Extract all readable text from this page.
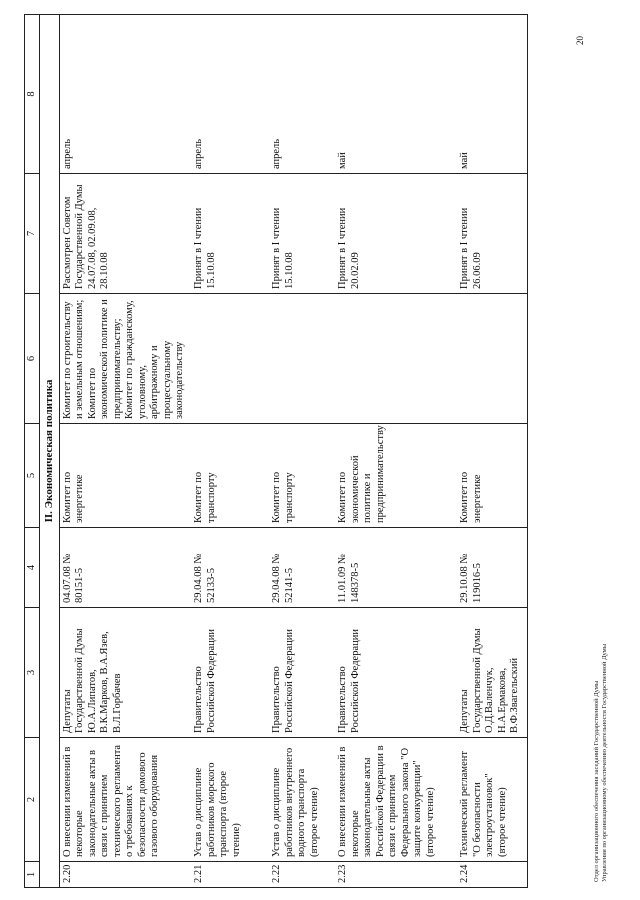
1	2	3	4	5	6	7	8
II. Экономическая политика							
2.20	О внесении изменений в некоторые законодательные акты в связи с принятием технического регламента о требованиях к безопасности домового газового оборудования	Депутаты Государственной Думы Ю.А.Липатов, В.К.Марков, В.А.Язев, В.Л.Горбачев	04.07.08 № 80151-5	Комитет по энергетике	Комитет по строительству и земельным отношениям; Комитет по экономической политике и предпринимательству; Комитет по гражданскому, уголовному, арбитражному и процессуальному законодательству	Рассмотрен Советом Государственной Думы 24.07.08, 02.09.08, 28.10.08	апрель
2.21	Устав о дисциплине работников морского транспорта (второе чтение)	Правительство Российской Федерации	29.04.08 № 52133-5	Комитет по транспорту		Принят в I чтении 15.10.08	апрель
2.22	Устав о дисциплине работников внутреннего водного транспорта (второе чтение)	Правительство Российской Федерации	29.04.08 № 52141-5	Комитет по транспорту		Принят в I чтении 15.10.08	апрель
2.23	О внесении изменений в некоторые законодательные акты Российской Федерации в связи с принятием Федерального закона "О защите конкуренции" (второе чтение)	Правительство Российской Федерации	11.01.09 № 148378-5	Комитет по экономической политике и предпринимательству		Принят в I чтении 20.02.09	май
2.24	Технический регламент "О безопасности электроустановок" (второе чтение)	Депутаты Государственной Думы О.Д.Валенчук, Н.А.Ермакова, В.Ф.Звагельский	29.10.08 № 119016-5	Комитет по энергетике		Принят в I чтении 26.06.09	май
Отдел организационного обеспечения заседаний Государственной Думы Управления по организационному обеспечению деятельности Государственной Думы
20
